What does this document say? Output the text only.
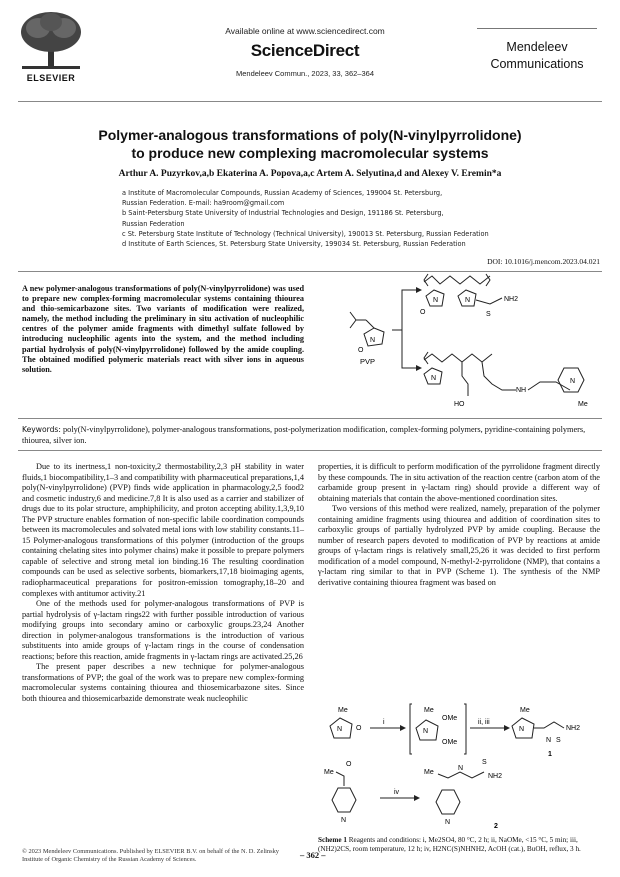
ELSEVIER
Available online at www.sciencedirect.com
ScienceDirect
Mendeleev Commun., 2023, 33, 362–364
Mendeleev
Communications
Polymer-analogous transformations of poly(N-vinylpyrrolidone)
to produce new complexing macromolecular systems
Arthur A. Puzyrkov,a,b Ekaterina A. Popova,a,c Artem A. Selyutina,d and Alexey V. Eremin*a
a Institute of Macromolecular Compounds, Russian Academy of Sciences, 199004 St. Petersburg,
Russian Federation. E-mail: ha9room@gmail.com
b Saint-Petersburg State University of Industrial Technologies and Design, 191186 St. Petersburg,
Russian Federation
c St. Petersburg State Institute of Technology (Technical University), 190013 St. Petersburg, Russian Federation
d Institute of Earth Sciences, St. Petersburg State University, 199034 St. Petersburg, Russian Federation
DOI: 10.1016/j.mencom.2023.04.021
A new polymer-analogous transformations of poly(N-vinylpyrrolidone) was used to prepare new complex-forming macromolecular systems containing thiourea and thio-semicarbazone sites. Two variants of modification were realized, namely, the method including the preliminary in situ activation of nucleophilic centres of the polymer amide fragments with dimethyl sulfate followed by introducing nucleophilic agents into the system, and the method including partial hydrolysis of poly(N-vinylpyrrolidone) followed by the amide coupling. The obtained modified polymeric materials react with silver ions in aqueous solution.
N
O
PVP
N
O
N	NH2
S
N
HO
NH
N
Me
Keywords: poly(N-vinylpyrrolidone), polymer-analogous transformations, post-polymerization modification, complex-forming polymers, pyridine-containing polymers, thiourea, silver ion.

Due to its inertness,1 non-toxicity,2 thermostability,2,3 pH stability in water fluids,1 biocompatibility,1–3 and compatibility with pharmaceutical preparations,1,4 poly(N-vinylpyrrolidone) (PVP) finds wide application in pharmacology,2,5 food2 and cosmetic industry,6 and medicine.7,8 It is also used as a carrier and stabilizer of drugs due to its polar structure, amphiphilicity, and proton accepting ability.1,3,9,10 The PVP structure enables formation of non-specific labile coordination compounds between its macromolecules and solvated metal ions with low stability constants.11–15 Polymer-analogous transformations of this polymer (introduction of the groups containing chelating sites into polymer chains) make it possible to prepare polymers capable of selective and strong metal ion binding.16 The resulting coordination compounds can be used as selective sorbents, biomarkers,17,18 bioimaging agents, radiopharmaceutical preparations for positron-emission tomography,18–20 and complexes with antitumor activity.21

One of the methods used for polymer-analogous transformations of PVP is partial hydrolysis of γ-lactam rings22 with further possible introduction of various modifying groups into secondary amino or carboxylic groups.23,24 Another direction in polymer-analogous transformations is the introduction of various substituents into amide groups of γ-lactam rings in the course of condensation reactions; before this reaction, amide fragments in γ-lactam rings are activated.25,26

The present paper describes a new technique for polymer-analogous transformations of PVP; the goal of the work was to prepare new complex-forming macromolecular systems containing thiourea and thiosemicarbazone sites. Since both thiourea and thiosemicarbazide demonstrate weak nucleophilic

properties, it is difficult to perform modification of the pyrrolidone fragment directly by these compounds. The in situ activation of the reaction centre (carbon atom of the carbamide group present in γ-lactam ring) should provide a different way of obtaining materials that contain the above-mentioned coordination sites.

Two versions of this method were realized, namely, preparation of the polymer containing amidine fragments using thiourea and addition of coordination sites to carboxylic groups of partially hydrolyzed PVP by amide coupling. Because the number of research papers devoted to modification of PVP by reactions at amide groups of γ-lactam rings is relatively small,25,26 it was decided to first perform modification of a model compound, N-methyl-2-pyrrolidone (NMP), that contains a γ-lactam ring similar to that in PVP (Scheme 1). The synthesis of the NMP derivative containing thiourea fragment was based on

Me
N O
i
Me
N
OMe
OMe
ii, iii
Me
N
N
NH2
S
1
Me
O
N
iv
Me
N
S
NH2
N
2
Scheme 1 Reagents and conditions: i, Me2SO4, 80 °C, 2 h; ii, NaOMe, <15 °C, 5 min; iii, (NH2)2CS, room temperature, 12 h; iv, H2NC(S)NHNH2, AcOH (cat.), BuOH, reflux, 3 h.
© 2023 Mendeleev Communications. Published by ELSEVIER B.V. on behalf of the N. D. Zelinsky Institute of Organic Chemistry of the Russian Academy of Sciences.	– 362 –
